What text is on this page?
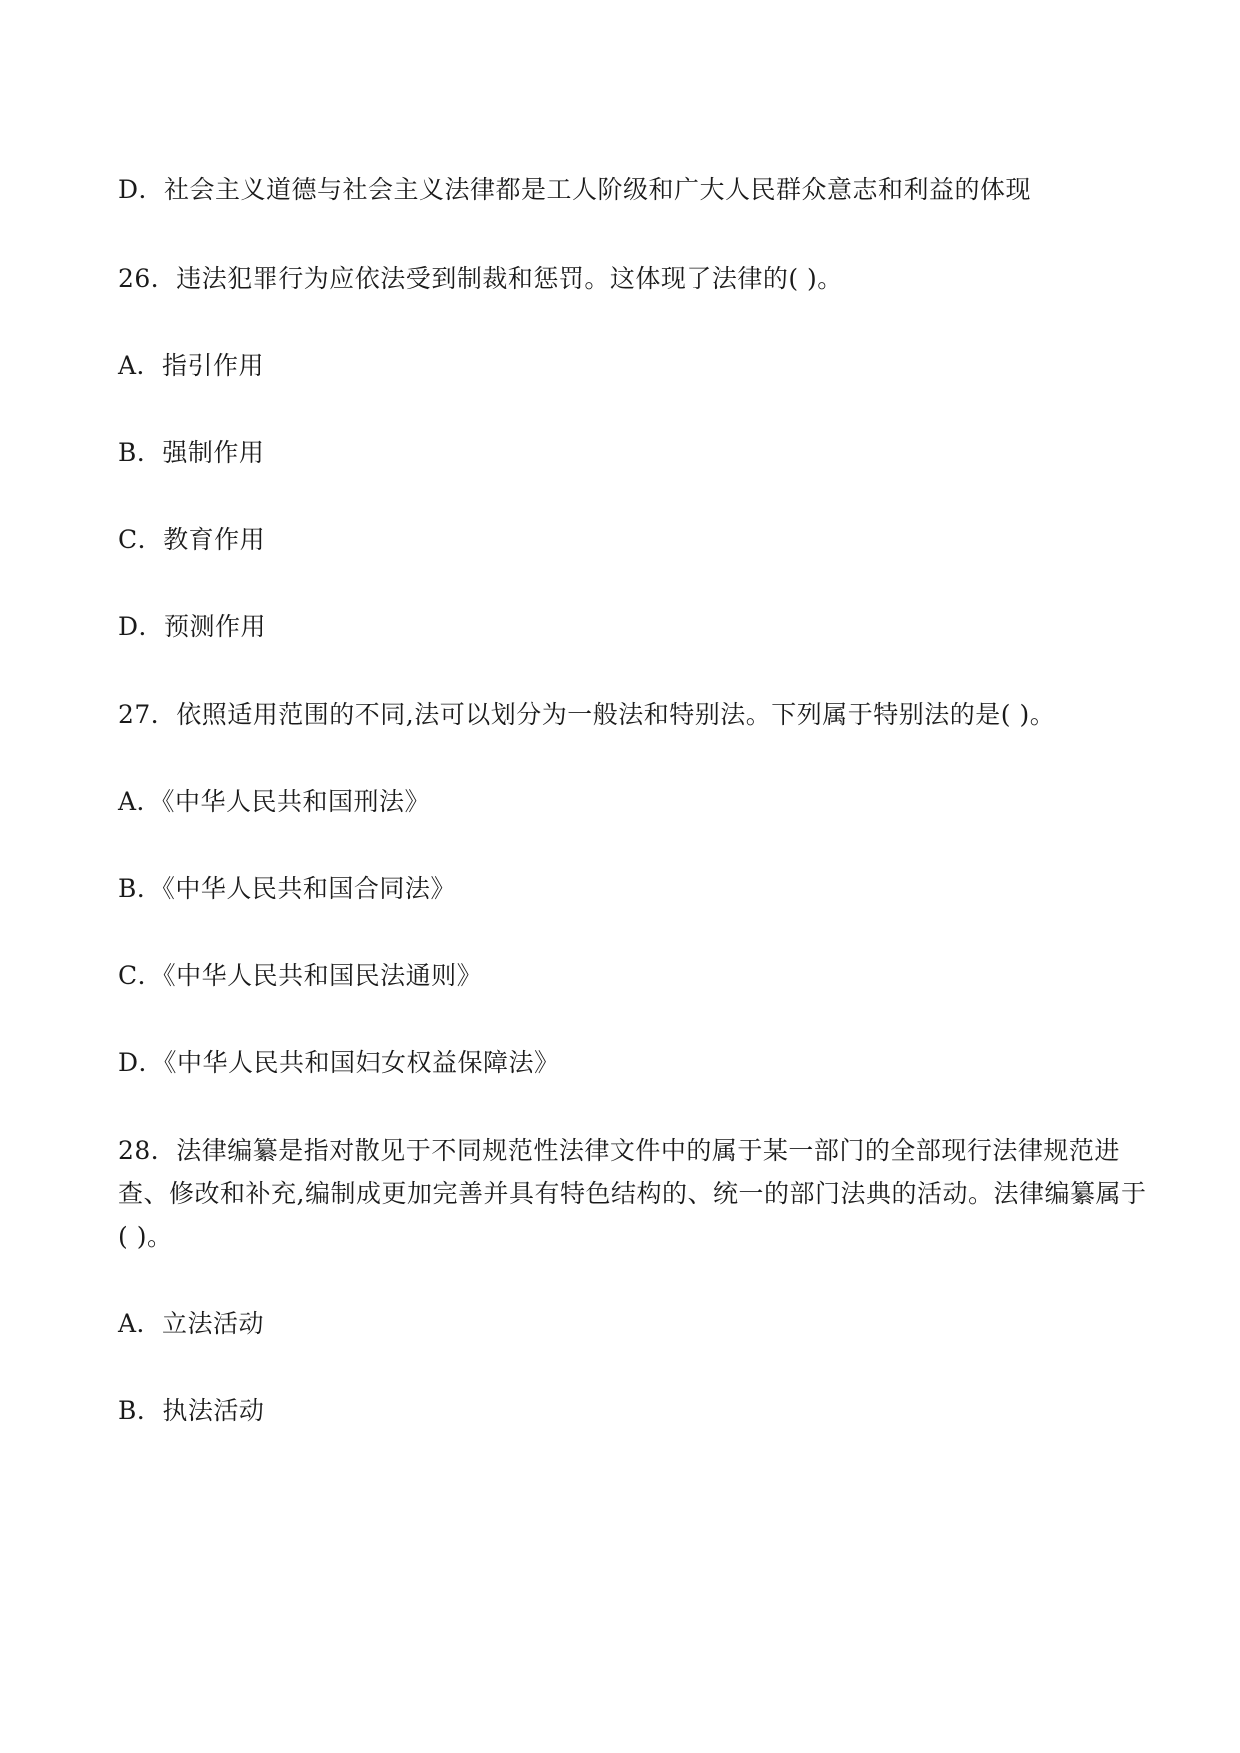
D．社会主义道德与社会主义法律都是工人阶级和广大人民群众意志和利益的体现
26．违法犯罪行为应依法受到制裁和惩罚。这体现了法律的( )。
A．指引作用
B．强制作用
C．教育作用
D．预测作用
27．依照适用范围的不同,法可以划分为一般法和特别法。下列属于特别法的是( )。
A．《中华人民共和国刑法》
B．《中华人民共和国合同法》
C．《中华人民共和国民法通则》
D．《中华人民共和国妇女权益保障法》
28．法律编纂是指对散见于不同规范性法律文件中的属于某一部门的全部现行法律规范进
查、修改和补充,编制成更加完善并具有特色结构的、统一的部门法典的活动。法律编纂属于
( )。
A．立法活动
B．执法活动
